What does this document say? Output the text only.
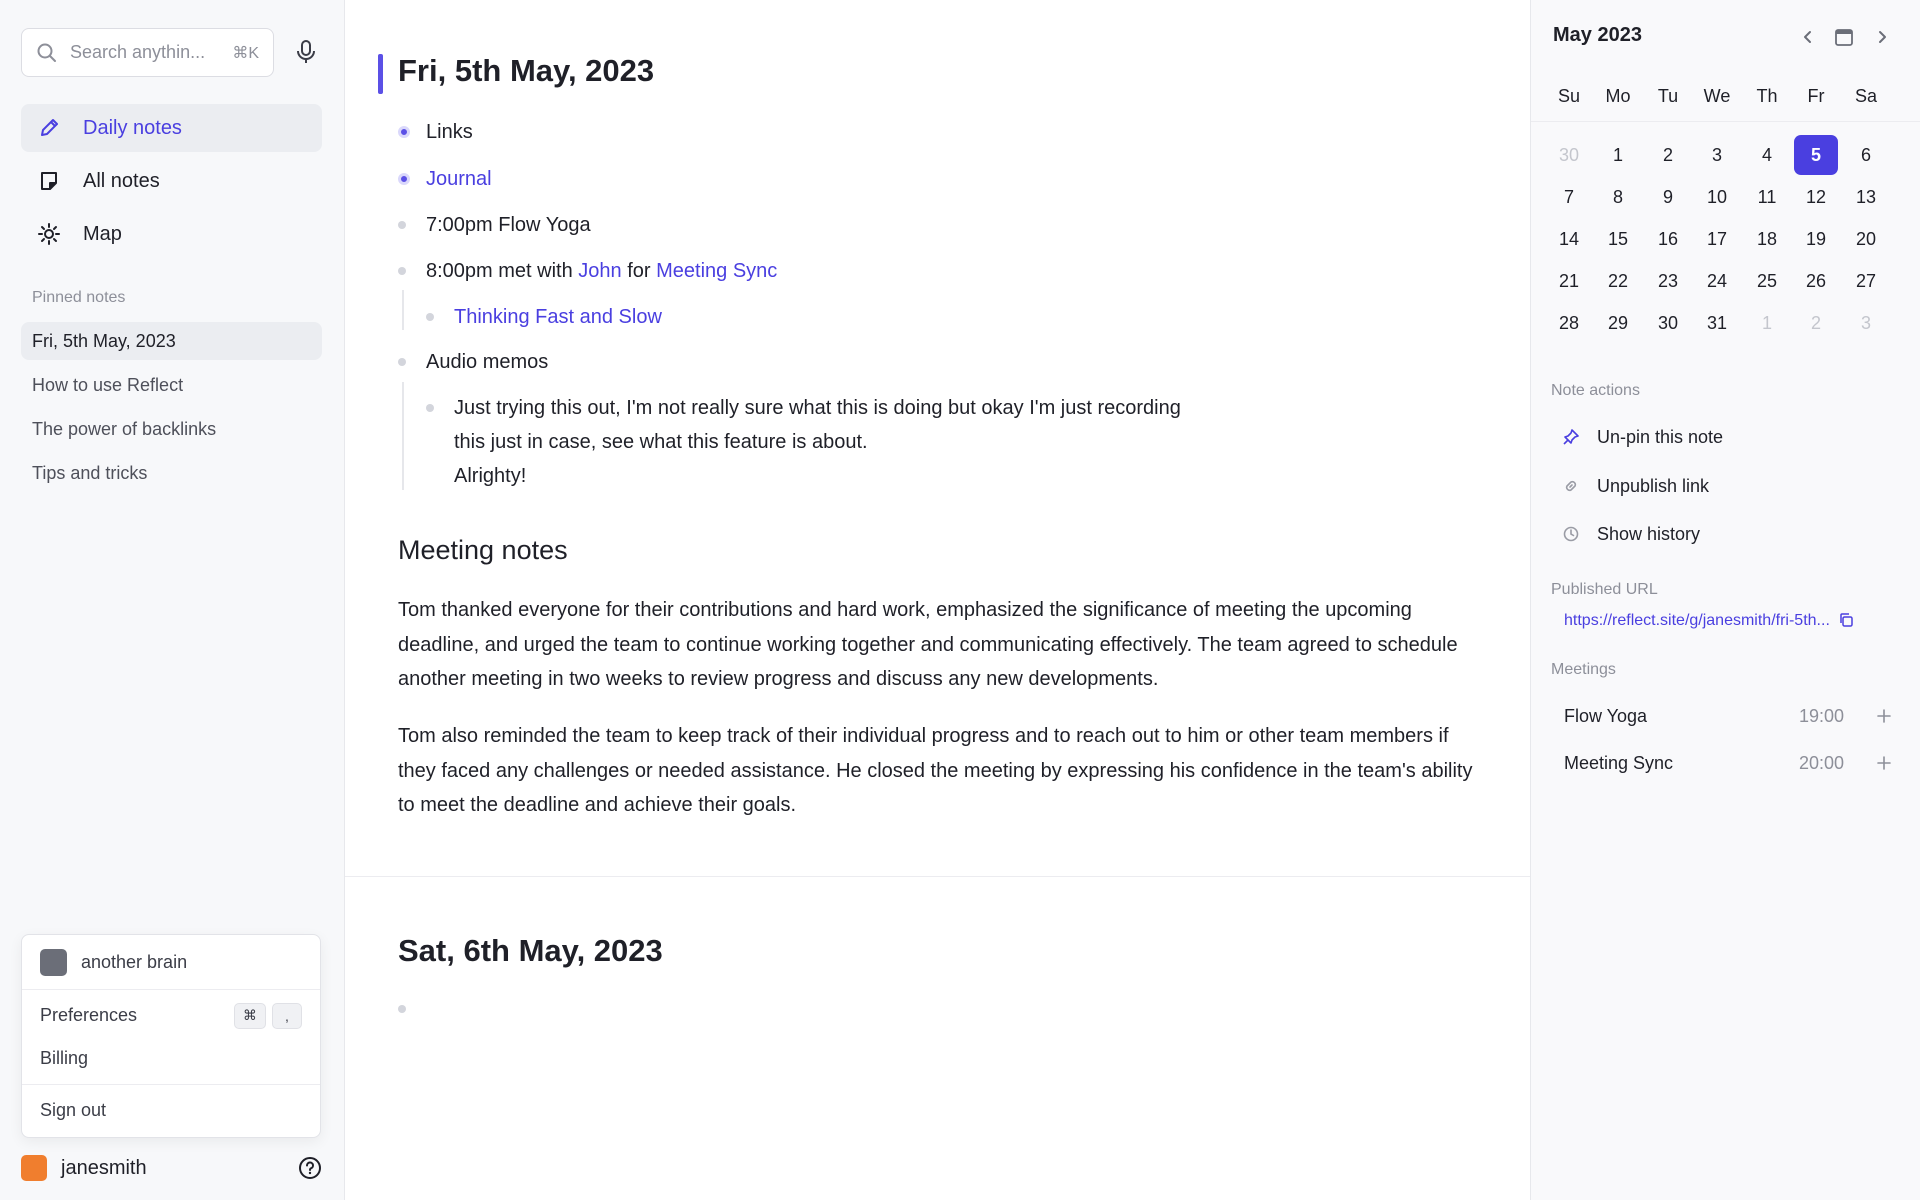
Search anythin...	⌘K
Daily notes
All notes
Map
Pinned notes
Fri, 5th May, 2023
How to use Reflect
The power of backlinks
Tips and tricks
another brain
Preferences	⌘	,
Billing
Sign out
janesmith
Fri, 5th May, 2023
Links
Journal
7:00pm Flow Yoga
8:00pm met with John for Meeting Sync
Thinking Fast and Slow
Audio memos
Just trying this out, I'm not really sure what this is doing but okay I'm just recording
this just in case, see what this feature is about.
Alrighty!
Meeting notes
Tom thanked everyone for their contributions and hard work, emphasized the significance of meeting the upcoming deadline, and urged the team to continue working together and communicating effectively. The team agreed to schedule another meeting in two weeks to review progress and discuss any new developments.
Tom also reminded the team to keep track of their individual progress and to reach out to him or other team members if they faced any challenges or needed assistance. He closed the meeting by expressing his confidence in the team's ability to meet the deadline and achieve their goals.
Sat, 6th May, 2023
May 2023
Su	Mo	Tu	We	Th	Fr	Sa
30	1	2	3	4	5	6
7	8	9	10	11	12	13
14	15	16	17	18	19	20
21	22	23	24	25	26	27
28	29	30	31	1	2	3
Note actions
Un-pin this note
Unpublish link
Show history
Published URL
https://reflect.site/g/janesmith/fri-5th...
Meetings
Flow Yoga	19:00
Meeting Sync	20:00
